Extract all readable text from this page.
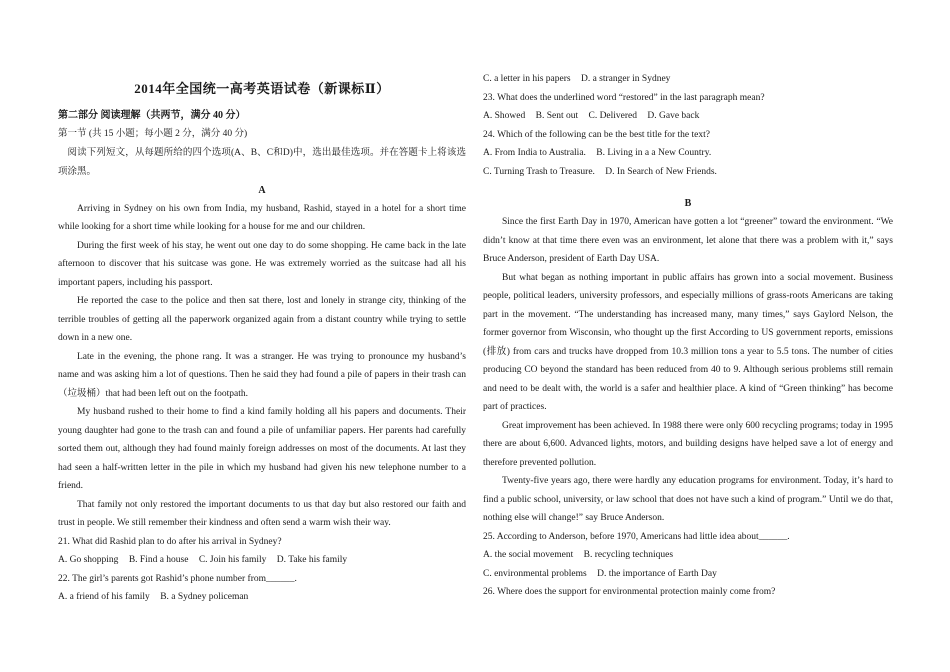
2014年全国统一高考英语试卷（新课标Ⅱ）
第二部分 阅读理解（共两节，满分 40 分）
第一节 (共 15 小题；每小题 2 分，满分 40 分)

阅读下列短文，从每题所给的四个选项(A、B、C和D)中，选出最佳选项。并在答题卡上将该选项涂黑。

A

Arriving in Sydney on his own from India, my husband, Rashid, stayed in a hotel for a short time while looking for a short time while looking for a house for me and our children.

During the first week of his stay, he went out one day to do some shopping. He came back in the late afternoon to discover that his suitcase was gone. He was extremely worried as the suitcase had all his important papers, including his passport.

He reported the case to the police and then sat there, lost and lonely in strange city, thinking of the terrible troubles of getting all the paperwork organized again from a distant country while trying to settle down in a new one.

Late in the evening, the phone rang. It was a stranger. He was trying to pronounce my husband’s name and was asking him a lot of questions. Then he said they had found a pile of papers in their trash can（垃圾桶）that had been left out on the footpath.

My husband rushed to their home to find a kind family holding all his papers and documents. Their young daughter had gone to the trash can and found a pile of unfamiliar papers. Her parents had carefully sorted them out, although they had found mainly foreign addresses on most of the documents. At last they had seen a half-written letter in the pile in which my husband had given his new telephone number to a friend.

That family not only restored the important documents to us that day but also restored our faith and trust in people. We still remember their kindness and often send a warm wish their way.

21. What did Rashid plan to do after his arrival in Sydney?

A. Go shopping B. Find a house C. Join his family D. Take his family

22. The girl’s parents got Rashid’s phone number from______.

A. a friend of his family B. a Sydney policeman

C. a letter in his papers D. a stranger in Sydney

23. What does the underlined word “restored” in the last paragraph mean?

A. Showed B. Sent out C. Delivered D. Gave back

24. Which of the following can be the best title for the text?

A. From India to Australia. B. Living in a a New Country.

C. Turning Trash to Treasure. D. In Search of New Friends.

B

Since the first Earth Day in 1970, American have gotten a lot “greener” toward the environment. “We didn’t know at that time there even was an environment, let alone that there was a problem with it,” says Bruce Anderson, president of Earth Day USA.

But what began as nothing important in public affairs has grown into a social movement. Business people, political leaders, university professors, and especially millions of grass-roots Americans are taking part in the movement. “The understanding has increased many, many times,” says Gaylord Nelson, the former governor from Wisconsin, who thought up the first According to US government reports, emissions (排放) from cars and trucks have dropped from 10.3 million tons a year to 5.5 tons. The number of cities producing CO beyond the standard has been reduced from 40 to 9. Although serious problems still remain and need to be dealt with, the world is a safer and healthier place. A kind of “Green thinking” has become part of practices.

Great improvement has been achieved. In 1988 there were only 600 recycling programs; today in 1995 there are about 6,600. Advanced lights, motors, and building designs have helped save a lot of energy and therefore prevented pollution.

Twenty-five years ago, there were hardly any education programs for environment. Today, it’s hard to find a public school, university, or law school that does not have such a kind of program.” Until we do that, nothing else will change!” say Bruce Anderson.

25. According to Anderson, before 1970, Americans had little idea about______.

A. the social movement B. recycling techniques

C. environmental problems D. the importance of Earth Day

26. Where does the support for environmental protection mainly come from?
